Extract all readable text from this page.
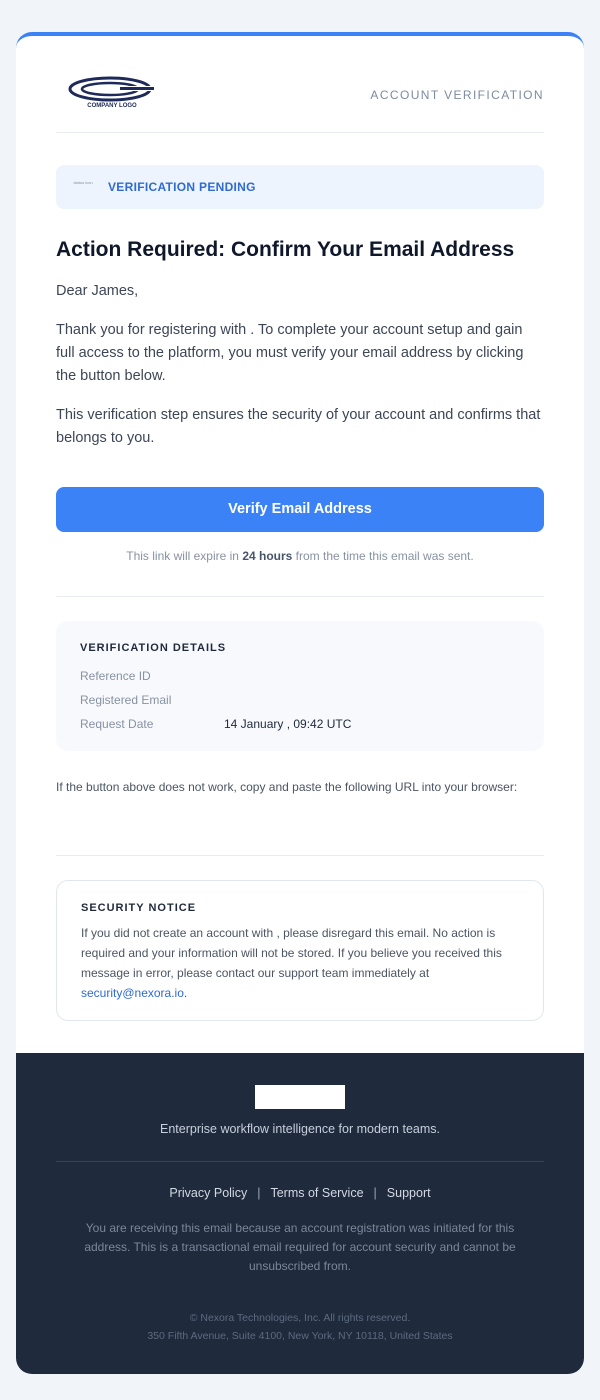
COMPANY LOGO
ACCOUNT VERIFICATION
status icon VERIFICATION PENDING
Action Required: Confirm Your Email Address
Dear James,
Thank you for registering with . To complete your account setup and gain full access to the platform, you must verify your email address by clicking the button below.
This verification step ensures the security of your account and confirms that belongs to you.
Verify Email Address
This link will expire in 24 hours from the time this email was sent.
VERIFICATION DETAILS
Reference ID
Registered Email
Request Date	14 January , 09:42 UTC
If the button above does not work, copy and paste the following URL into your browser:
SECURITY NOTICE
If you did not create an account with , please disregard this email. No action is required and your information will not be stored. If you believe you received this message in error, please contact our support team immediately at security@nexora.io.
Enterprise workflow intelligence for modern teams.
Privacy Policy | Terms of Service | Support
You are receiving this email because an account registration was initiated for this address. This is a transactional email required for account security and cannot be unsubscribed from.
© Nexora Technologies, Inc. All rights reserved.
350 Fifth Avenue, Suite 4100, New York, NY 10118, United States
